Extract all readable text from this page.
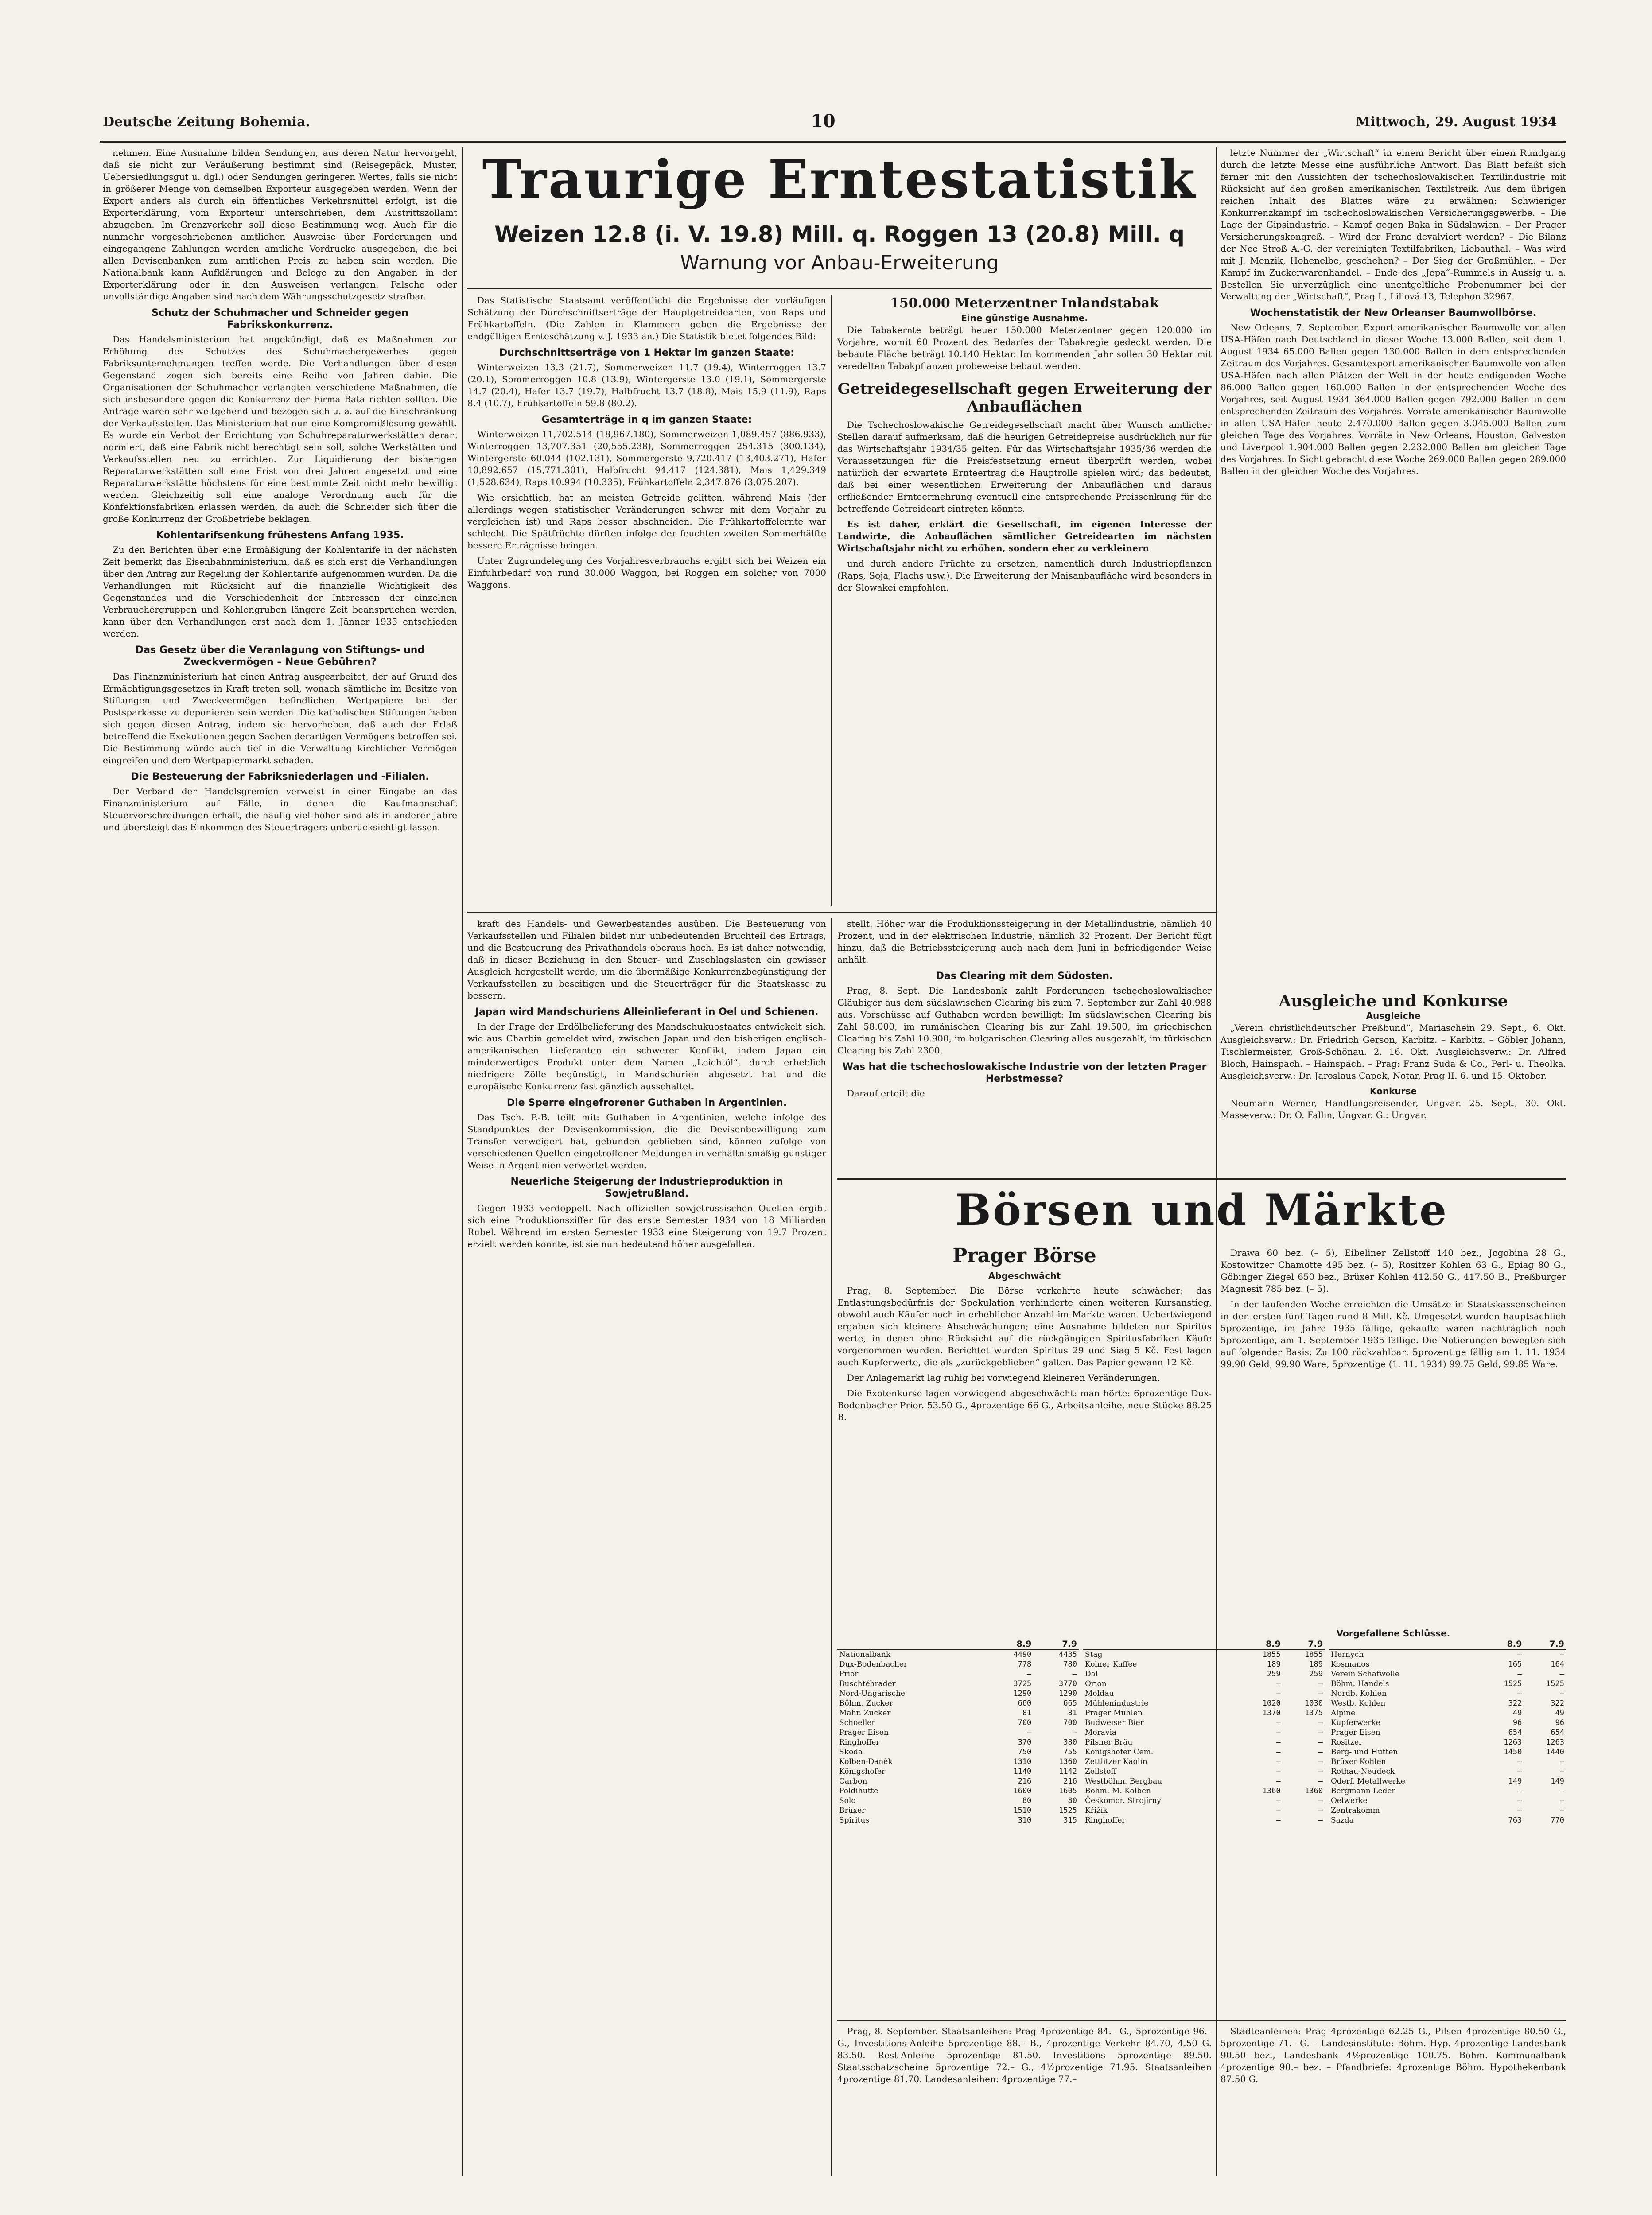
Deutsche Zeitung Bohemia.	10	Mittwoch, 29. August 1934

nehmen. Eine Ausnahme bilden Sendungen, aus deren Natur hervorgeht, daß sie nicht zur Veräußerung bestimmt sind (Reisegepäck, Muster, Uebersiedlungsgut u. dgl.) oder Sendungen geringeren Wertes, falls sie nicht in größerer Menge von demselben Exporteur ausgegeben werden. Wenn der Export anders als durch ein öffentliches Verkehrsmittel erfolgt, ist die Exporterklärung, vom Exporteur unterschrieben, dem Austrittszollamt abzugeben. Im Grenzverkehr soll diese Bestimmung weg. Auch für die nunmehr vorgeschriebenen amtlichen Ausweise über Forderungen und eingegangene Zahlungen werden amtliche Vordrucke ausgegeben, die bei allen Devisenbanken zum amtlichen Preis zu haben sein werden. Die Nationalbank kann Aufklärungen und Belege zu den Angaben in der Exporterklärung oder in den Ausweisen verlangen. Falsche oder unvollständige Angaben sind nach dem Währungsschutzgesetz strafbar.

Schutz der Schuhmacher und Schneider gegen Fabrikskonkurrenz.

Das Handelsministerium hat angekündigt, daß es Maßnahmen zur Erhöhung des Schutzes des Schuhmachergewerbes gegen Fabriksunternehmungen treffen werde. Die Verhandlungen über diesen Gegenstand zogen sich bereits eine Reihe von Jahren dahin. Die Organisationen der Schuhmacher verlangten verschiedene Maßnahmen, die sich insbesondere gegen die Konkurrenz der Firma Bata richten sollten. Die Anträge waren sehr weitgehend und bezogen sich u. a. auf die Einschränkung der Verkaufsstellen. Das Ministerium hat nun eine Kompromißlösung gewählt. Es wurde ein Verbot der Errichtung von Schuhreparaturwerkstätten derart normiert, daß eine Fabrik nicht berechtigt sein soll, solche Werkstätten und Verkaufsstellen neu zu errichten. Zur Liquidierung der bisherigen Reparaturwerkstätten soll eine Frist von drei Jahren angesetzt und eine Reparaturwerkstätte höchstens für eine bestimmte Zeit nicht mehr bewilligt werden. Gleichzeitig soll eine analoge Verordnung auch für die Konfektionsfabriken erlassen werden, da auch die Schneider sich über die große Konkurrenz der Großbetriebe beklagen.

Kohlentarifsenkung frühestens Anfang 1935.

Zu den Berichten über eine Ermäßigung der Kohlentarife in der nächsten Zeit bemerkt das Eisenbahnministerium, daß es sich erst die Verhandlungen über den Antrag zur Regelung der Kohlentarife aufgenommen wurden. Da die Verhandlungen mit Rücksicht auf die finanzielle Wichtigkeit des Gegenstandes und die Verschiedenheit der Interessen der einzelnen Verbrauchergruppen und Kohlengruben längere Zeit beanspruchen werden, kann über den Verhandlungen erst nach dem 1. Jänner 1935 entschieden werden.

Das Gesetz über die Veranlagung von Stiftungs- und Zweckvermögen – Neue Gebühren?

Das Finanzministerium hat einen Antrag ausgearbeitet, der auf Grund des Ermächtigungsgesetzes in Kraft treten soll, wonach sämtliche im Besitze von Stiftungen und Zweckvermögen befindlichen Wertpapiere bei der Postsparkasse zu deponieren sein werden. Die katholischen Stiftungen haben sich gegen diesen Antrag, indem sie hervorheben, daß auch der Erlaß betreffend die Exekutionen gegen Sachen derartigen Vermögens betroffen sei. Die Bestimmung würde auch tief in die Verwaltung kirchlicher Vermögen eingreifen und dem Wertpapiermarkt schaden.

Die Besteuerung der Fabriksniederlagen und -Filialen.

Der Verband der Handelsgremien verweist in einer Eingabe an das Finanzministerium auf Fälle, in denen die Kaufmannschaft Steuervorschreibungen erhält, die häufig viel höher sind als in anderer Jahre und übersteigt das Einkommen des Steuerträgers unberücksichtigt lassen.

Traurige Erntestatistik
Weizen 12.8 (i. V. 19.8) Mill. q. Roggen 13 (20.8) Mill. q
Warnung vor Anbau-Erweiterung

Das Statistische Staatsamt veröffentlicht die Ergebnisse der vorläufigen Schätzung der Durchschnittserträge der Hauptgetreidearten, von Raps und Frühkartoffeln. (Die Zahlen in Klammern geben die Ergebnisse der endgültigen Ernteschätzung v. J. 1933 an.) Die Statistik bietet folgendes Bild:

Durchschnittserträge von 1 Hektar im ganzen Staate:

Winterweizen 13.3 (21.7), Sommerweizen 11.7 (19.4), Winterroggen 13.7 (20.1), Sommerroggen 10.8 (13.9), Wintergerste 13.0 (19.1), Sommergerste 14.7 (20.4), Hafer 13.7 (19.7), Halbfrucht 13.7 (18.8), Mais 15.9 (11.9), Raps 8.4 (10.7), Frühkartoffeln 59.8 (80.2).

Gesamterträge in q im ganzen Staate:

Winterweizen 11,702.514 (18,967.180), Sommerweizen 1,089.457 (886.933), Winterroggen 13,707.351 (20,555.238), Sommerroggen 254.315 (300.134), Wintergerste 60.044 (102.131), Sommergerste 9,720.417 (13,403.271), Hafer 10,892.657 (15,771.301), Halbfrucht 94.417 (124.381), Mais 1,429.349 (1,528.634), Raps 10.994 (10.335), Frühkartoffeln 2,347.876 (3,075.207).

Wie ersichtlich, hat an meisten Getreide gelitten, während Mais (der allerdings wegen statistischer Veränderungen schwer mit dem Vorjahr zu vergleichen ist) und Raps besser abschneiden. Die Frühkartoffelernte war schlecht. Die Spätfrüchte dürften infolge der feuchten zweiten Sommerhälfte bessere Erträgnisse bringen.

Unter Zugrundelegung des Vorjahresverbrauchs ergibt sich bei Weizen ein Einfuhrbedarf von rund 30.000 Waggon, bei Roggen ein solcher von 7000 Waggons.

150.000 Meterzentner Inlandstabak
Eine günstige Ausnahme.

Die Tabakernte beträgt heuer 150.000 Meterzentner gegen 120.000 im Vorjahre, womit 60 Prozent des Bedarfes der Tabakregie gedeckt werden. Die bebaute Fläche beträgt 10.140 Hektar. Im kommenden Jahr sollen 30 Hektar mit veredelten Tabakpflanzen probeweise bebaut werden.

Getreidegesellschaft gegen Erweiterung der Anbauflächen

Die Tschechoslowakische Getreidegesellschaft macht über Wunsch amtlicher Stellen darauf aufmerksam, daß die heurigen Getreidepreise ausdrücklich nur für das Wirtschaftsjahr 1934/35 gelten. Für das Wirtschaftsjahr 1935/36 werden die Voraussetzungen für die Preisfestsetzung erneut überprüft werden, wobei natürlich der erwartete Ernteertrag die Hauptrolle spielen wird; das bedeutet, daß bei einer wesentlichen Erweiterung der Anbauflächen und daraus erfließender Ernteermehrung eventuell eine entsprechende Preissenkung für die betreffende Getreideart eintreten könnte.

Es ist daher, erklärt die Gesellschaft, im eigenen Interesse der Landwirte, die Anbauflächen sämtlicher Getreidearten im nächsten Wirtschaftsjahr nicht zu erhöhen, sondern eher zu verkleinern

und durch andere Früchte zu ersetzen, namentlich durch Industriepflanzen (Raps, Soja, Flachs usw.). Die Erweiterung der Maisanbaufläche wird besonders in der Slowakei empfohlen.

letzte Nummer der „Wirtschaft“ in einem Bericht über einen Rundgang durch die letzte Messe eine ausführliche Antwort. Das Blatt befaßt sich ferner mit den Aussichten der tschechoslowakischen Textilindustrie mit Rücksicht auf den großen amerikanischen Textilstreik. Aus dem übrigen reichen Inhalt des Blattes wäre zu erwähnen: Schwieriger Konkurrenzkampf im tschechoslowakischen Versicherungsgewerbe. – Die Lage der Gipsindustrie. – Kampf gegen Baka in Südslawien. – Der Prager Versicherungskongreß. – Wird der Franc devalviert werden? – Die Bilanz der Nee Stroß A.-G. der vereinigten Textilfabriken, Liebauthal. – Was wird mit J. Menzik, Hohenelbe, geschehen? – Der Sieg der Großmühlen. – Der Kampf im Zuckerwarenhandel. – Ende des „Jepa“-Rummels in Aussig u. a. Bestellen Sie unverzüglich eine unentgeltliche Probenummer bei der Verwaltung der „Wirtschaft“, Prag I., Liliová 13, Telephon 32967.

Wochenstatistik der New Orleanser Baumwollbörse.

New Orleans, 7. September. Export amerikanischer Baumwolle von allen USA-Häfen nach Deutschland in dieser Woche 13.000 Ballen, seit dem 1. August 1934 65.000 Ballen gegen 130.000 Ballen in dem entsprechenden Zeitraum des Vorjahres. Gesamtexport amerikanischer Baumwolle von allen USA-Häfen nach allen Plätzen der Welt in der heute endigenden Woche 86.000 Ballen gegen 160.000 Ballen in der entsprechenden Woche des Vorjahres, seit August 1934 364.000 Ballen gegen 792.000 Ballen in dem entsprechenden Zeitraum des Vorjahres. Vorräte amerikanischer Baumwolle in allen USA-Häfen heute 2.470.000 Ballen gegen 3.045.000 Ballen zum gleichen Tage des Vorjahres. Vorräte in New Orleans, Houston, Galveston und Liverpool 1.904.000 Ballen gegen 2.232.000 Ballen am gleichen Tage des Vorjahres. In Sicht gebracht diese Woche 269.000 Ballen gegen 289.000 Ballen in der gleichen Woche des Vorjahres.

Ausgleiche und Konkurse
Ausgleiche

„Verein christlichdeutscher Preßbund“, Mariaschein 29. Sept., 6. Okt. Ausgleichsverw.: Dr. Friedrich Gerson, Karbitz. – Karbitz. – Göbler Johann, Tischlermeister, Groß-Schönau. 2. 16. Okt. Ausgleichsverw.: Dr. Alfred Bloch, Hainspach. – Hainspach. – Prag: Franz Suda & Co., Perl- u. Theolka. Ausgleichsverw.: Dr. Jaroslaus Capek, Notar, Prag II. 6. und 15. Oktober.

Konkurse

Neumann Werner, Handlungsreisender, Ungvar. 25. Sept., 30. Okt. Masseverw.: Dr. O. Fallin, Ungvar. G.: Ungvar.

kraft des Handels- und Gewerbestandes ausüben. Die Besteuerung von Verkaufsstellen und Filialen bildet nur unbedeutenden Bruchteil des Ertrags, und die Besteuerung des Privathandels oberaus hoch. Es ist daher notwendig, daß in dieser Beziehung in den Steuer- und Zuschlagslasten ein gewisser Ausgleich hergestellt werde, um die übermäßige Konkurrenzbegünstigung der Verkaufsstellen zu beseitigen und die Steuerträger für die Staatskasse zu bessern.

Japan wird Mandschuriens Alleinlieferant in Oel und Schienen.

In der Frage der Erdölbelieferung des Mandschukuostaates entwickelt sich, wie aus Charbin gemeldet wird, zwischen Japan und den bisherigen englisch-amerikanischen Lieferanten ein schwerer Konflikt, indem Japan ein minderwertiges Produkt unter dem Namen „Leichtöl“, durch erheblich niedrigere Zölle begünstigt, in Mandschurien abgesetzt hat und die europäische Konkurrenz fast gänzlich ausschaltet.

Die Sperre eingefrorener Guthaben in Argentinien.

Das Tsch. P.-B. teilt mit: Guthaben in Argentinien, welche infolge des Standpunktes der Devisenkommission, die die Devisenbewilligung zum Transfer verweigert hat, gebunden geblieben sind, können zufolge von verschiedenen Quellen eingetroffener Meldungen in verhältnismäßig günstiger Weise in Argentinien verwertet werden.

Neuerliche Steigerung der Industrieproduktion in Sowjetrußland.

Gegen 1933 verdoppelt. Nach offiziellen sowjetrussischen Quellen ergibt sich eine Produktionsziffer für das erste Semester 1934 von 18 Milliarden Rubel. Während im ersten Semester 1933 eine Steigerung von 19.7 Prozent erzielt werden konnte, ist sie nun bedeutend höher ausgefallen.

stellt. Höher war die Produktionssteigerung in der Metallindustrie, nämlich 40 Prozent, und in der elektrischen Industrie, nämlich 32 Prozent. Der Bericht fügt hinzu, daß die Betriebssteigerung auch nach dem Juni in befriedigender Weise anhält.

Das Clearing mit dem Südosten.

Prag, 8. Sept. Die Landesbank zahlt Forderungen tschechoslowakischer Gläubiger aus dem südslawischen Clearing bis zum 7. September zur Zahl 40.988 aus. Vorschüsse auf Guthaben werden bewilligt: Im südslawischen Clearing bis Zahl 58.000, im rumänischen Clearing bis zur Zahl 19.500, im griechischen Clearing bis Zahl 10.900, im bulgarischen Clearing alles ausgezahlt, im türkischen Clearing bis Zahl 2300.

Was hat die tschechoslowakische Industrie von der letzten Prager Herbstmesse?

Darauf erteilt die

Börsen und Märkte
Prager Börse
Abgeschwächt

Prag, 8. September. Die Börse verkehrte heute schwächer; das Entlastungsbedürfnis der Spekulation verhinderte einen weiteren Kursanstieg, obwohl auch Käufer noch in erheblicher Anzahl im Markte waren. Uebertwiegend ergaben sich kleinere Abschwächungen; eine Ausnahme bildeten nur Spiritus werte, in denen ohne Rücksicht auf die rückgängigen Spiritusfabriken Käufe vorgenommen wurden. Berichtet wurden Spiritus 29 und Siag 5 Kč. Fest lagen auch Kupferwerte, die als „zurückgeblieben“ galten. Das Papier gewann 12 Kč.

Der Anlagemarkt lag ruhig bei vorwiegend kleineren Veränderungen.

Die Exotenkurse lagen vorwiegend abgeschwächt: man hörte: 6prozentige Dux-Bodenbacher Prior. 53.50 G., 4prozentige 66 G., Arbeitsanleihe, neue Stücke 88.25 B.

Drawa 60 bez. (– 5), Eibeliner Zellstoff 140 bez., Jogobina 28 G., Kostowitzer Chamotte 495 bez. (– 5), Rositzer Kohlen 63 G., Epiag 80 G., Göbinger Ziegel 650 bez., Brüxer Kohlen 412.50 G., 417.50 B., Preßburger Magnesit 785 bez. (– 5).

In der laufenden Woche erreichten die Umsätze in Staatskassenscheinen in den ersten fünf Tagen rund 8 Mill. Kč. Umgesetzt wurden hauptsächlich 5prozentige, im Jahre 1935 fällige, gekaufte waren nachträglich noch 5prozentige, am 1. September 1935 fällige. Die Notierungen bewegten sich auf folgender Basis: Zu 100 rückzahlbar: 5prozentige fällig am 1. 11. 1934 99.90 Geld, 99.90 Ware, 5prozentige (1. 11. 1934) 99.75 Geld, 99.85 Ware.

Vorgefallene Schlüsse.
	8.9	7.9
Nationalbank	4490	4435
Dux-Bodenbacher	778	780
Prior	—	—
Buschtěhrader	3725	3770
Nord-Ungarische	1290	1290
Böhm. Zucker	660	665
Mähr. Zucker	81	81
Schoeller	700	700
Prager Eisen	—	—
Ringhoffer	370	380
Skoda	750	755
Kolben-Daněk	1310	1360
Königshofer	1140	1142
Carbon	216	216
Poldihütte	1600	1605
Solo	80	80
Brüxer	1510	1525
Spiritus	310	315
	8.9	7.9
Stag	1855	1855
Kolner Kaffee	189	189
Dal	259	259
Orion	—	—
Moldau	—	—
Mühlenindustrie	1020	1030
Prager Mühlen	1370	1375
Budweiser Bier	—	—
Moravia	—	—
Pilsner Bräu	—	—
Königshofer Cem.	—	—
Zettlitzer Kaolin	—	—
Zellstoff	—	—
Westböhm. Bergbau	—	—
Böhm.-M. Kolben	1360	1360
Českomor. Strojírny	—	—
Křižík	—	—
Ringhoffer	—	—
	8.9	7.9
Hernych	—	—
Kosmanos	165	164
Verein Schafwolle	—	—
Böhm. Handels	1525	1525
Nordb. Kohlen	—	—
Westb. Kohlen	322	322
Alpine	49	49
Kupferwerke	96	96
Prager Eisen	654	654
Rositzer	1263	1263
Berg- und Hütten	1450	1440
Brüxer Kohlen	—	—
Rothau-Neudeck	—	—
Oderf. Metallwerke	149	149
Bergmann Leder	—	—
Oelwerke	—	—
Zentrakomm	—	—
Sazda	763	770

Prag, 8. September. Staatsanleihen: Prag 4prozentige 84.– G., 5prozentige 96.– G., Investitions-Anleihe 5prozentige 88.– B., 4prozentige Verkehr 84.70, 4.50 G. 83.50. Rest-Anleihe 5prozentige 81.50. Investitions 5prozentige 89.50. Staatsschatzscheine 5prozentige 72.– G., 4½prozentige 71.95. Staatsanleihen 4prozentige 81.70. Landesanleihen: 4prozentige 77.–

Städteanleihen: Prag 4prozentige 62.25 G., Pilsen 4prozentige 80.50 G., 5prozentige 71.– G. – Landesinstitute: Böhm. Hyp. 4prozentige Landesbank 90.50 bez., Landesbank 4½prozentige 100.75. Böhm. Kommunalbank 4prozentige 90.– bez. – Pfandbriefe: 4prozentige Böhm. Hypothekenbank 87.50 G.
